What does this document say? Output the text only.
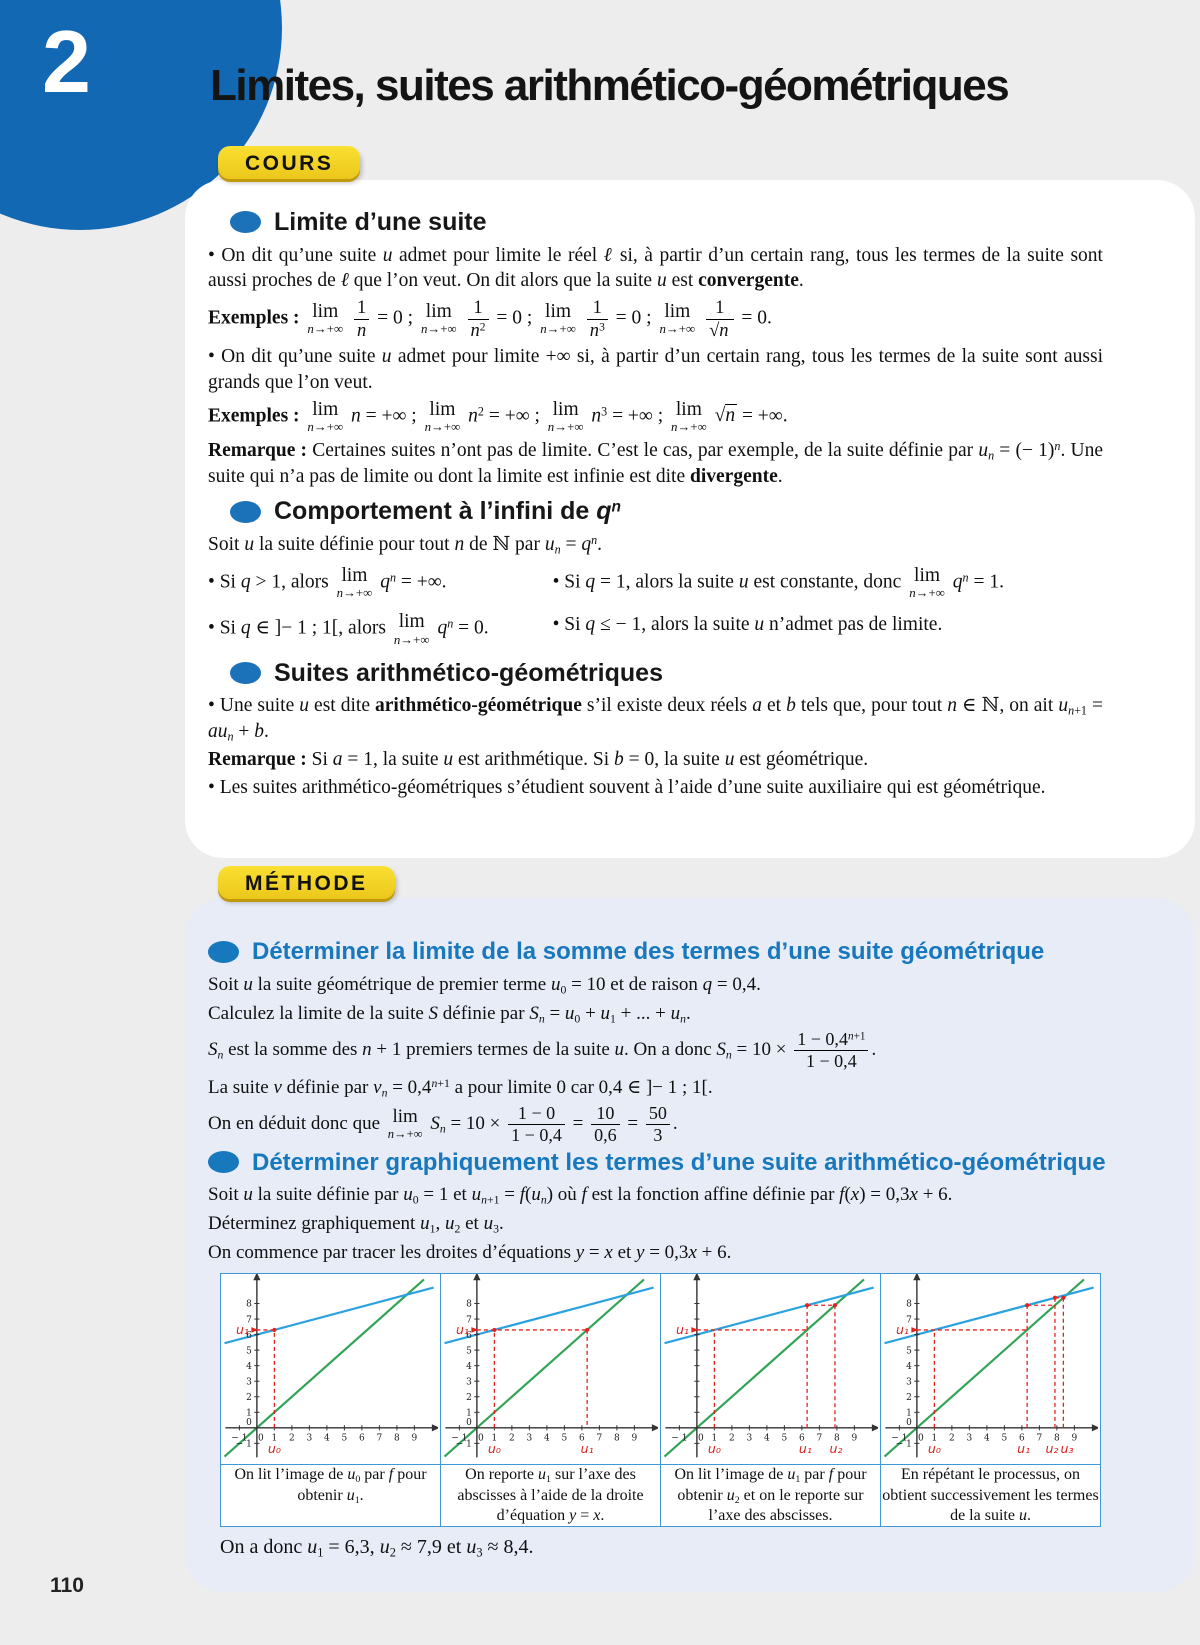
2	Limites, suites arithmético-géométriques
COURS
Limite d’une suite
• On dit qu’une suite u admet pour limite le réel ℓ si, à partir d’un certain rang, tous les termes de la suite sont aussi proches de ℓ que l’on veut. On dit alors que la suite u est convergente.
Exemples : lim
n→+∞
$\frac{1}{n} = 0$ ; lim
n→+∞
$\frac{1}{n^2} = 0$ ; lim
n→+∞
$\frac{1}{n^3} = 0$ ; lim
n→+∞
$\frac{1}{√n} = 0$.
• On dit qu’une suite u admet pour limite +∞ si, à partir d’un certain rang, tous les termes de la suite sont aussi grands que l’on veut.
Exemples : lim
n→+∞
n = +∞ ; lim
n→+∞
$n^2$ = +∞ ; lim
n→+∞
$n^3$ = +∞ ; lim
n→+∞
√n = +∞.
Remarque : Certaines suites n’ont pas de limite. C’est le cas, par exemple, de la suite définie par $u_n$ = (− 1)$^n$. Une suite qui n’a pas de limite ou dont la limite est infinie est dite divergente.
Comportement à l’infini de $q^n$
Soit u la suite définie pour tout n de ℕ par $u_n = q^n$.
• Si q > 1, alors lim
n→+∞
$q^n$ = +∞.	• Si q = 1, alors la suite u est constante, donc lim
n→+∞
$q^n = 1$.
• Si q ∈ ]− 1 ; 1[, alors lim
n→+∞
$q^n = 0$.	• Si q ≤ − 1, alors la suite u n’admet pas de limite.
Suites arithmético-géométriques
• Une suite u est dite arithmético-géométrique s’il existe deux réels a et b tels que, pour tout n ∈ ℕ, on ait $u_{n+1} = au_n + b$.
Remarque : Si a = 1, la suite u est arithmétique. Si b = 0, la suite u est géométrique.
• Les suites arithmético-géométriques s’étudient souvent à l’aide d’une suite auxiliaire qui est géométrique.
MÉTHODE
Déterminer la limite de la somme des termes d’une suite géométrique
Soit u la suite géométrique de premier terme $u_0 = 10$ et de raison q = 0,4.
Calculez la limite de la suite S définie par $S_n = u_0 + u_1$ + ... + $u_n$.
$S_n$ est la somme des n + 1 premiers termes de la suite u. On a donc $S_n = 10 \times \frac{1 - 0,4^{n+1}}{1 - 0,4}$ .
La suite v définie par $v_n = 0,4^{n+1}$ a pour limite 0 car 0,4 ∈ ]− 1 ; 1[.
On en déduit donc que lim
n→+∞
$S_n = 10 \times \frac{1 - 0}{1 - 0,4} = \frac{10}{0,6} = \frac{50}{3}$ .
Déterminer graphiquement les termes d’une suite arithmético-géométrique
Soit u la suite définie par $u_0 = 1$ et $u_{n+1} = f(u_n)$ où f est la fonction affine définie par f(x) = 0,3x + 6.
Déterminez graphiquement $u_1$, $u_2$ et $u_3$.
On commence par tracer les droites d’équations y = x et y = 0,3x + 6.
− 1 0 1 2 3 4 5 6 7 8 9
− 1
1
2
3
4
5
6
7
8
0
u₁
u₀

− 1 0 1 2 3 4 5 6 7 8 9
− 1
1
2
3
4
5
6
7
8
0
u₁
u₀	u₁

− 1 0 1 2 3 4 5 6 7 8 9
u₁
u₀	u₁ u₂

− 1 0 1 2 3 4 5 6 7 8 9
− 1
1
2
3
4
5
7
8
0
u₁
u₀	u₁ u₂ u₃

On lit l’image de $u_0$ par f pour obtenir $u_1$.	On reporte $u_1$ sur l’axe des abscisses à l’aide de la droite d’équation y = x.	On lit l’image de $u_1$ par f pour obtenir $u_2$ et on le reporte sur l’axe des abscisses.	En répétant le processus, on obtient successivement les termes de la suite u.
On a donc $u_1 = 6,3$, $u_2 \approx 7,9$ et $u_3 \approx 8,4$.
110
